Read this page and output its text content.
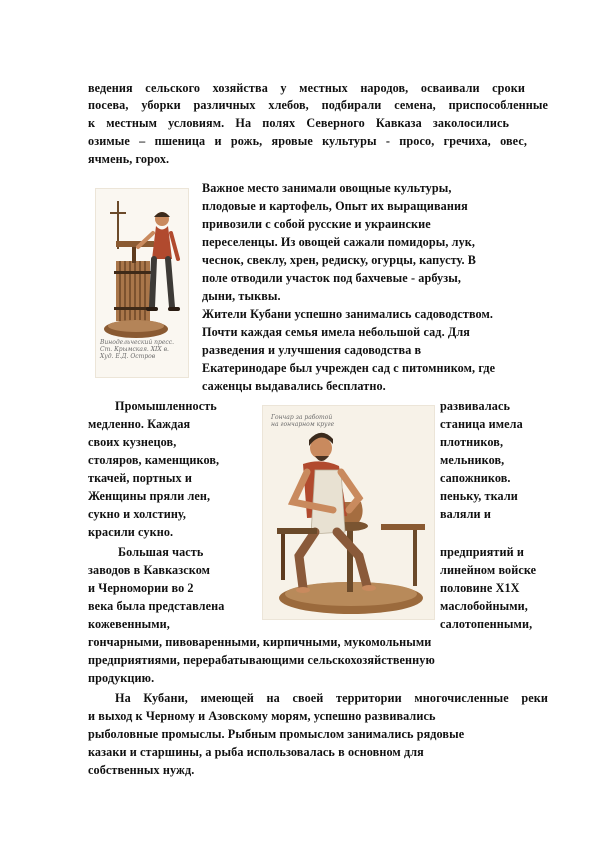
ведения сельского хозяйства у местных народов, осваивали сроки
посева, уборки различных хлебов, подбирали семена, приспособленные
к местным условиям. На полях Северного Кавказа заколосились
озимые – пшеница и рожь, яровые культуры - просо, гречиха, овес,
ячмень, горох.
Винодельческий пресс.
Ст. Крымская. XIX в.
Худ. Е.Д. Остров
Важное место занимали овощные культуры,
плодовые и картофель, Опыт их выращивания
привозили с собой русские и украинские
переселенцы. Из овощей сажали помидоры, лук,
чеснок, свеклу, хрен, редиску, огурцы, капусту. В
поле отводили участок под бахчевые - арбузы,
дыни, тыквы.
Жители Кубани успешно занимались садоводством.
Почти каждая семья имела небольшой сад. Для
разведения и улучшения садоводства в
Екатеринодаре был учрежден сад с питомником, где
саженцы выдавались бесплатно.
Гончар за работой
на гончарном круге
Промышленность
медленно. Каждая
своих кузнецов,
столяров, каменщиков,
ткачей, портных и
Женщины пряли лен,
сукно и холстину,
красили сукно.
Большая часть
заводов в Кавказском
и Черномории во 2
века была представлена
кожевенными,
развивалась
станица имела
плотников,
мельников,
сапожников.
пеньку, ткали
валяли и
предприятий и
линейном войске
половине Х1Х
маслобойными,
салотопенными,
гончарными, пивоваренными, кирпичными, мукомольными
предприятиями, перерабатывающими сельскохозяйственную
продукцию.
На Кубани, имеющей на своей территории многочисленные реки
и выход к Черному и Азовскому морям, успешно развивались
рыболовные промыслы. Рыбным промыслом занимались рядовые
казаки и старшины, а рыба использовалась в основном для
собственных нужд.
